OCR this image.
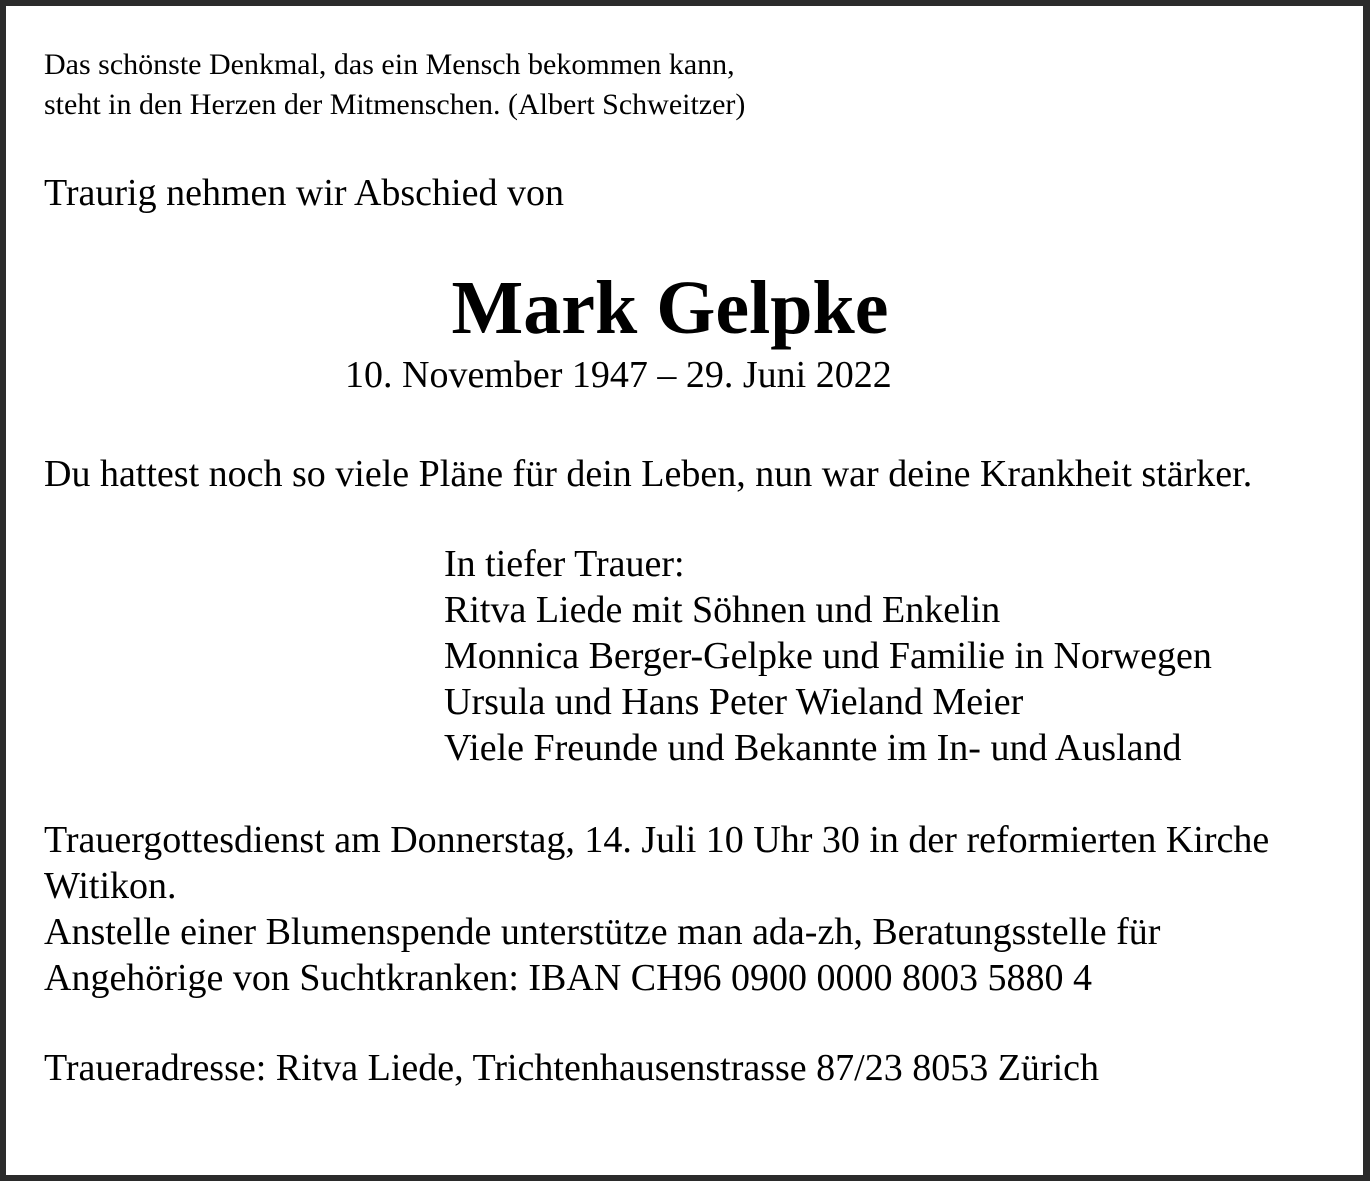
Das schönste Denkmal, das ein Mensch bekommen kann,
steht in den Herzen der Mitmenschen. (Albert Schweitzer)
Traurig nehmen wir Abschied von
Mark Gelpke
10. November 1947 – 29. Juni 2022
Du hattest noch so viele Pläne für dein Leben, nun war deine Krankheit stärker.
In tiefer Trauer:
Ritva Liede mit Söhnen und Enkelin
Monnica Berger-Gelpke und Familie in Norwegen
Ursula und Hans Peter Wieland Meier
Viele Freunde und Bekannte im In- und Ausland
Trauergottesdienst am Donnerstag, 14. Juli 10 Uhr 30 in der reformierten Kirche
Witikon.
Anstelle einer Blumenspende unterstütze man ada-zh, Beratungsstelle für
Angehörige von Suchtkranken: IBAN CH96 0900 0000 8003 5880 4
Traueradresse: Ritva Liede, Trichtenhausenstrasse 87/23 8053 Zürich
